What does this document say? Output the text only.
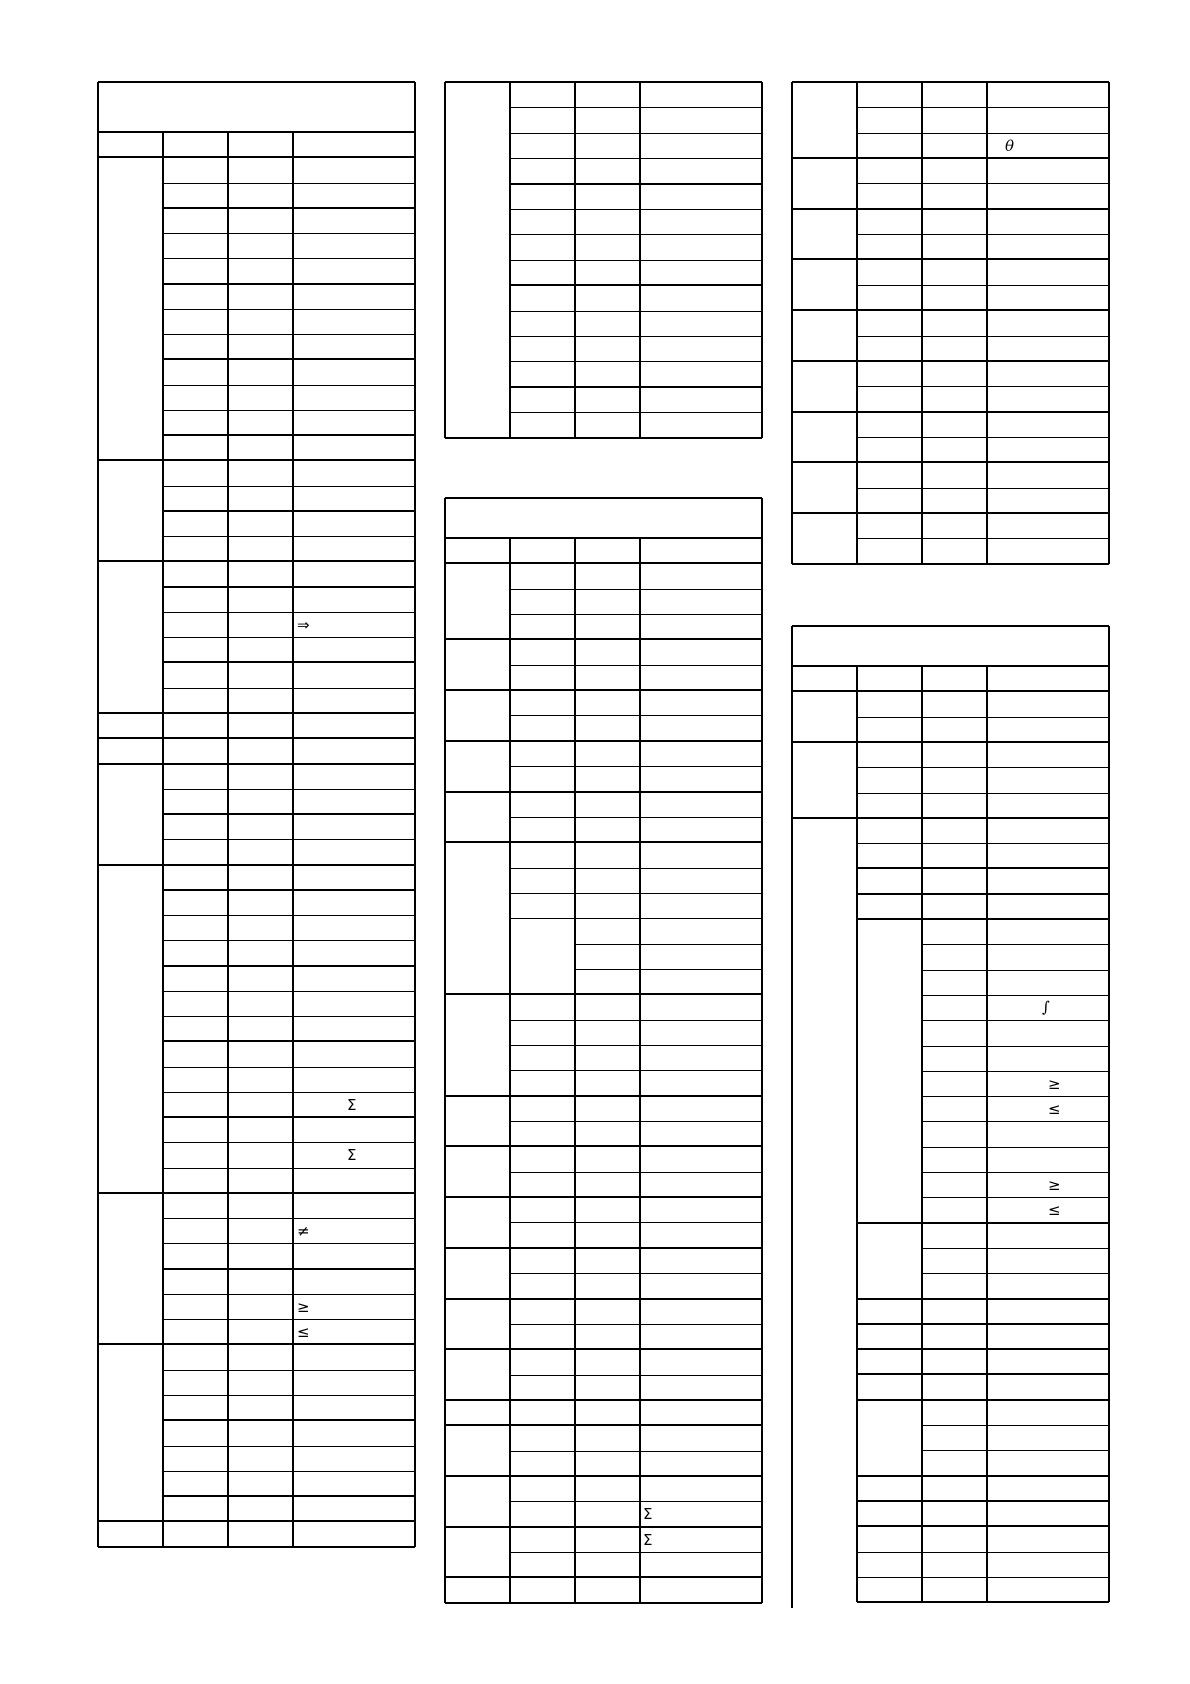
⇒
Σ
Σ
≠
≥
≤
Σ
Σ
θ
∫
≥
≤
≥
≤
